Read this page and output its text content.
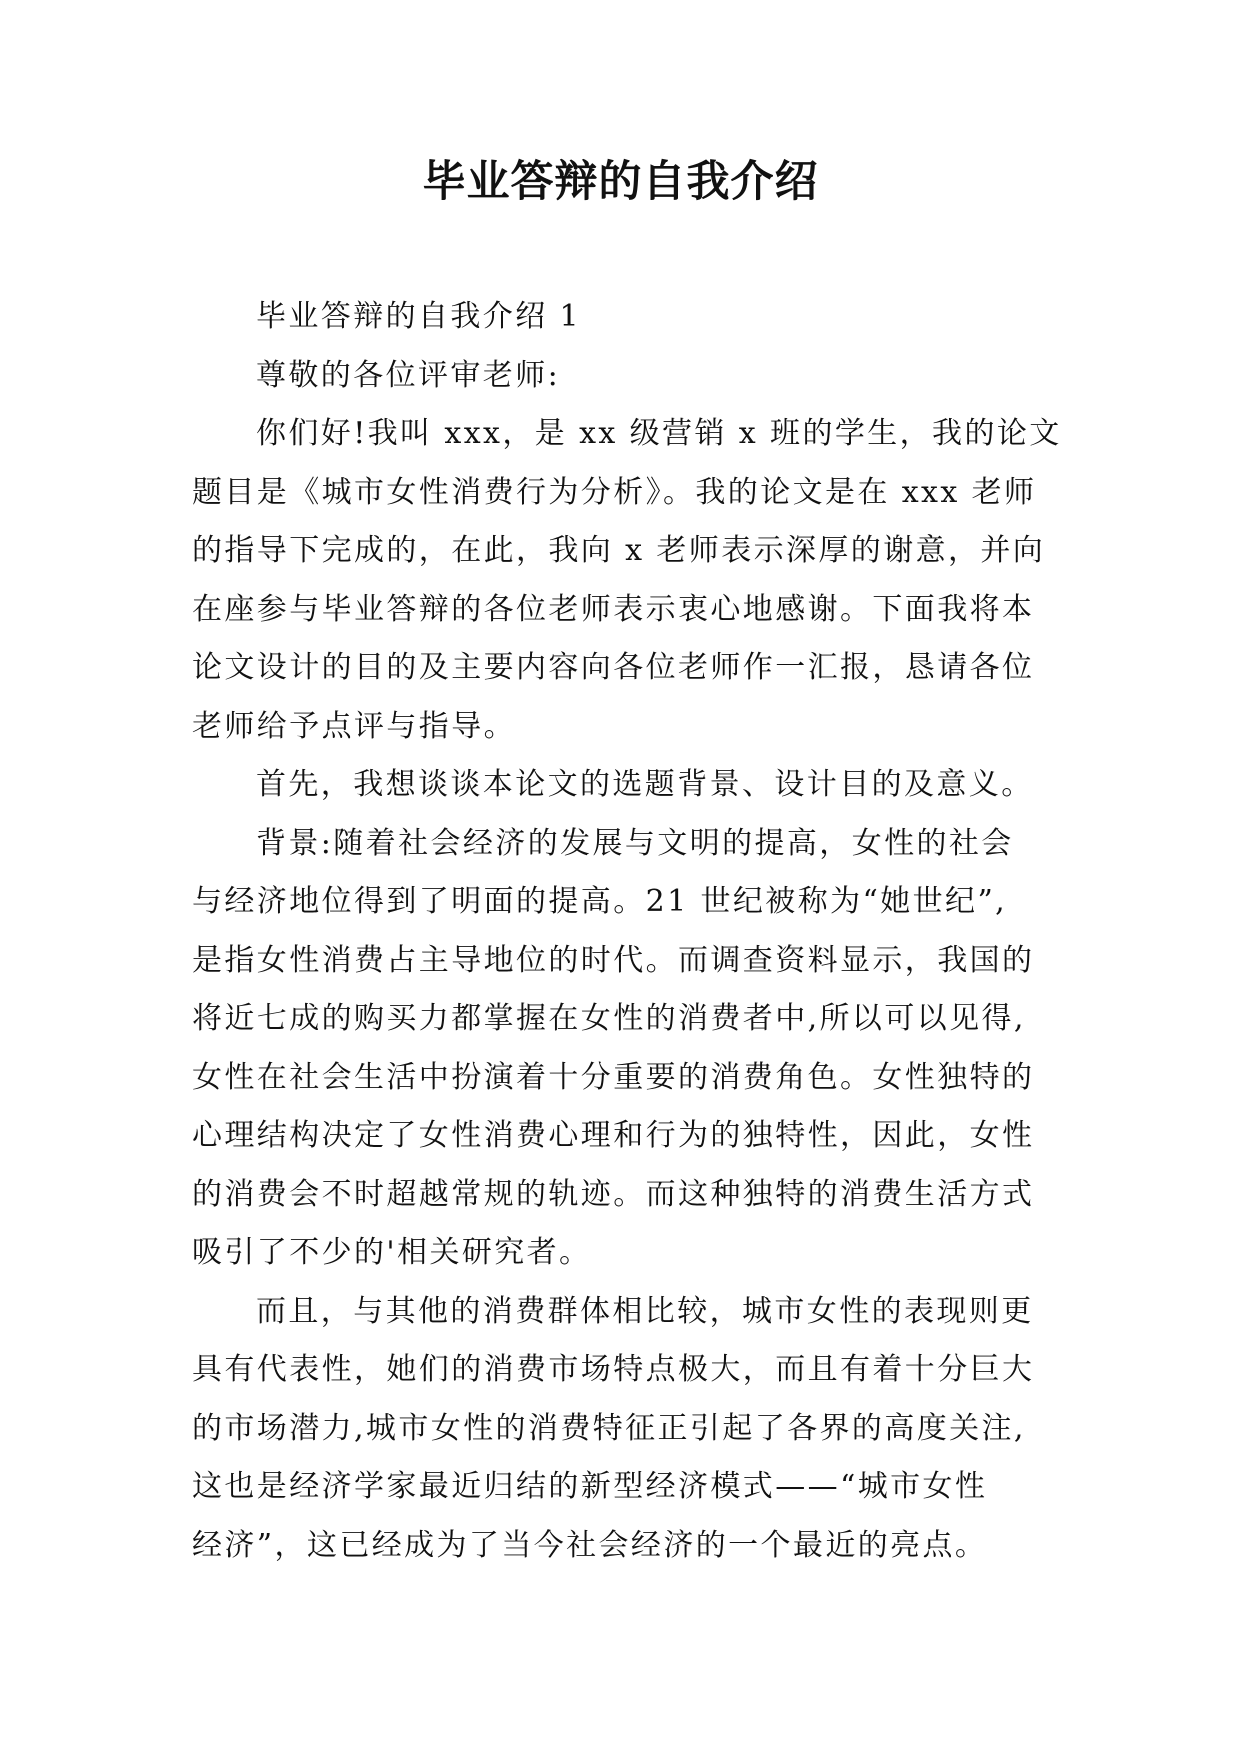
毕业答辩的自我介绍

毕业答辩的自我介绍 1

尊敬的各位评审老师:

你们好!我叫 xxx，是 xx 级营销 x 班的学生，我的论文
题目是《城市女性消费行为分析》。我的论文是在 xxx 老师
的指导下完成的，在此，我向 x 老师表示深厚的谢意，并向
在座参与毕业答辩的各位老师表示衷心地感谢。下面我将本
论文设计的目的及主要内容向各位老师作一汇报，恳请各位
老师给予点评与指导。

首先，我想谈谈本论文的选题背景、设计目的及意义。

背景:随着社会经济的发展与文明的提高，女性的社会
与经济地位得到了明面的提高。21 世纪被称为“她世纪”,
是指女性消费占主导地位的时代。而调查资料显示，我国的
将近七成的购买力都掌握在女性的消费者中,所以可以见得,
女性在社会生活中扮演着十分重要的消费角色。女性独特的
心理结构决定了女性消费心理和行为的独特性，因此，女性
的消费会不时超越常规的轨迹。而这种独特的消费生活方式
吸引了不少的'相关研究者。

而且，与其他的消费群体相比较，城市女性的表现则更
具有代表性，她们的消费市场特点极大，而且有着十分巨大
的市场潜力,城市女性的消费特征正引起了各界的高度关注,
这也是经济学家最近归结的新型经济模式——“城市女性
经济”，这已经成为了当今社会经济的一个最近的亮点。
